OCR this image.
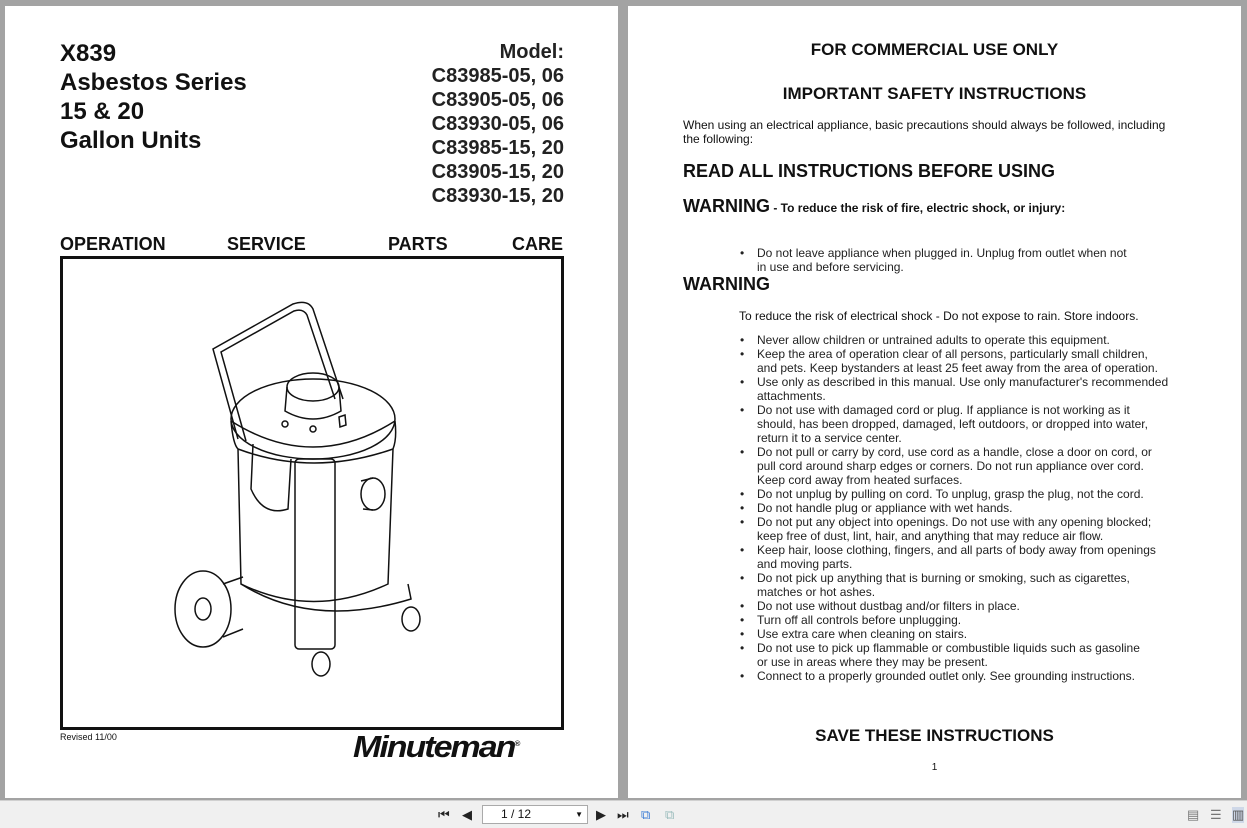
X839
Asbestos Series
15 & 20
Gallon Units
Model:
C83985-05, 06
C83905-05, 06
C83930-05, 06
C83985-15, 20
C83905-15, 20
C83930-15, 20
OPERATION	SERVICE	PARTS	CARE
Revised 11/00	Minuteman®
FOR COMMERCIAL USE ONLY
IMPORTANT SAFETY INSTRUCTIONS
When using an electrical appliance, basic precautions should always be followed, including
the following:
READ ALL INSTRUCTIONS BEFORE USING
WARNING - To reduce the risk of fire, electric shock, or injury:

• Do not leave appliance when plugged in. Unplug from outlet when not
in use and before servicing.

WARNING
To reduce the risk of electrical shock - Do not expose to rain. Store indoors.
• Never allow children or untrained adults to operate this equipment.
• Keep the area of operation clear of all persons, particularly small children,
and pets. Keep bystanders at least 25 feet away from the area of operation.
• Use only as described in this manual. Use only manufacturer's recommended
attachments.
• Do not use with damaged cord or plug. If appliance is not working as it
should, has been dropped, damaged, left outdoors, or dropped into water,
return it to a service center.
• Do not pull or carry by cord, use cord as a handle, close a door on cord, or
pull cord around sharp edges or corners. Do not run appliance over cord.
Keep cord away from heated surfaces.
• Do not unplug by pulling on cord. To unplug, grasp the plug, not the cord.
• Do not handle plug or appliance with wet hands.
• Do not put any object into openings. Do not use with any opening blocked;
keep free of dust, lint, hair, and anything that may reduce air flow.
• Keep hair, loose clothing, fingers, and all parts of body away from openings
and moving parts.
• Do not pick up anything that is burning or smoking, such as cigarettes,
matches or hot ashes.
• Do not use without dustbag and/or filters in place.
• Turn off all controls before unplugging.
• Use extra care when cleaning on stairs.
• Do not use to pick up flammable or combustible liquids such as gasoline
or use in areas where they may be present.
• Connect to a properly grounded outlet only. See grounding instructions.
SAVE THESE INSTRUCTIONS
1
⏮ ◀	1 / 12	▼ ▶ ⏭ ⧉ ⧉	▤ ☰ ▥
